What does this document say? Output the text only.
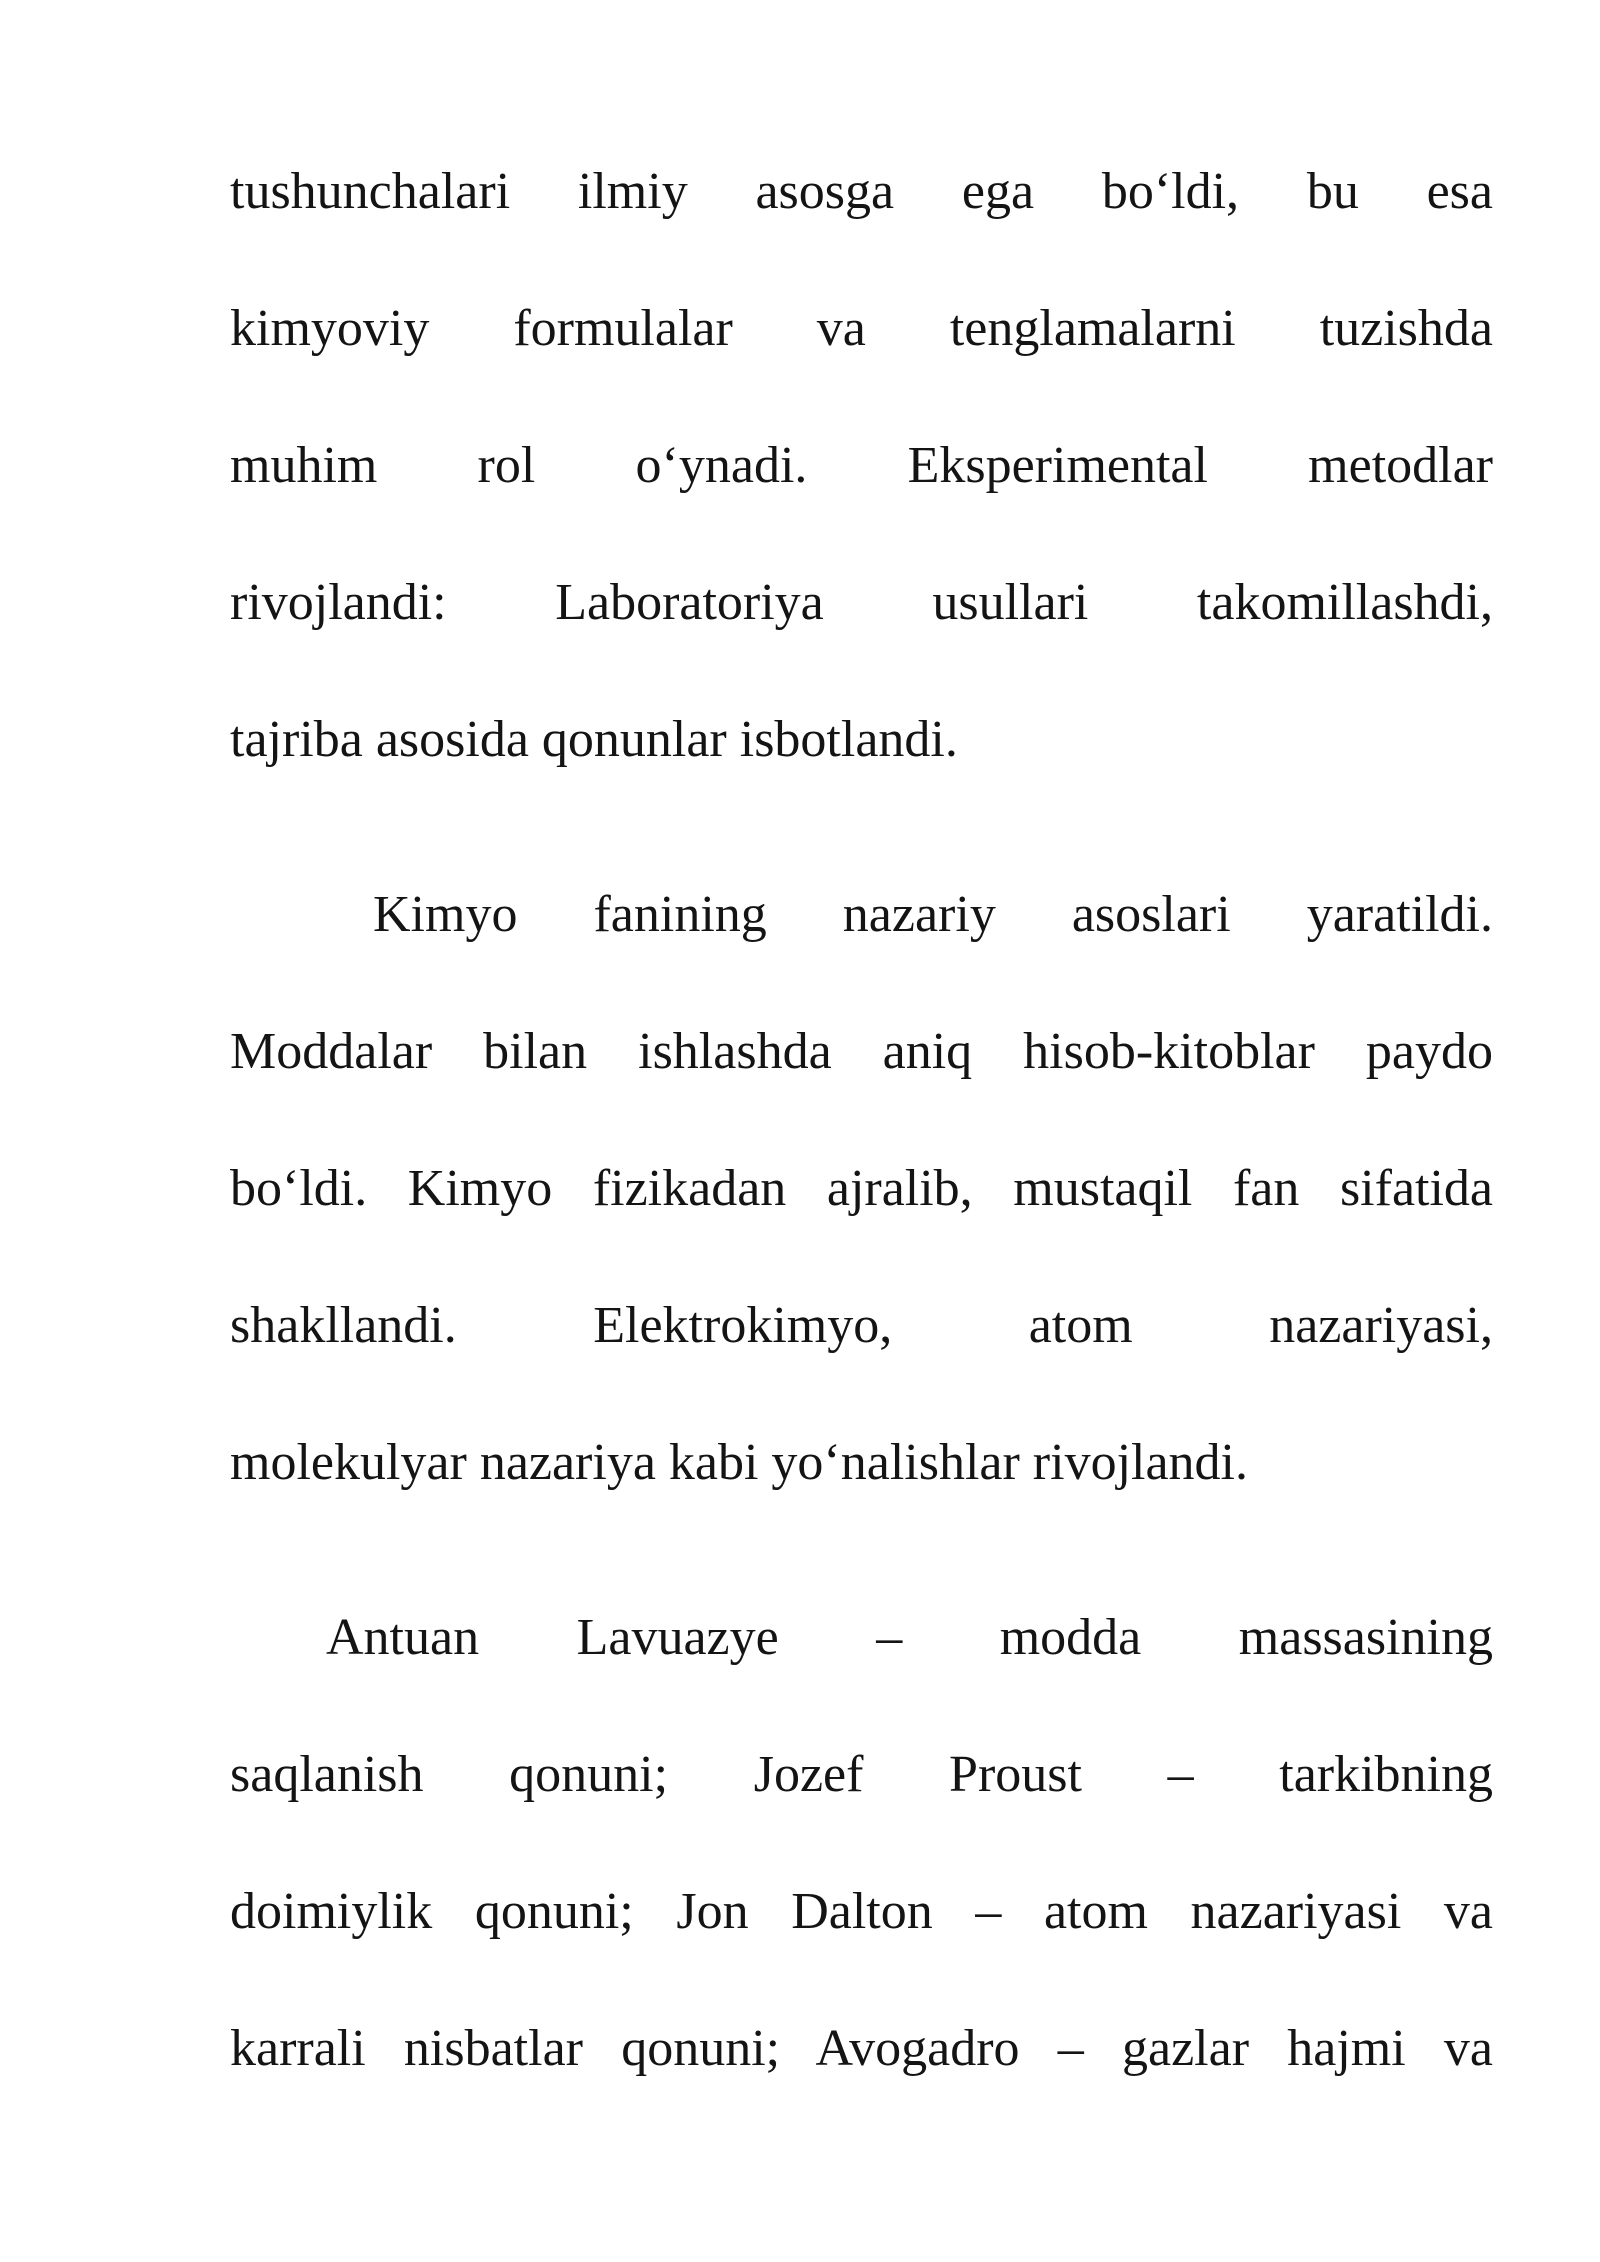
tushunchalari ilmiy asosga ega bo‘ldi, bu esa
kimyoviy formulalar va tenglamalarni tuzishda
muhim rol o‘ynadi. Eksperimental metodlar
rivojlandi: Laboratoriya usullari takomillashdi,
tajriba asosida qonunlar isbotlandi.
Kimyo fanining nazariy asoslari yaratildi.
Moddalar bilan ishlashda aniq hisob-kitoblar paydo
bo‘ldi. Kimyo fizikadan ajralib, mustaqil fan sifatida
shakllandi. Elektrokimyo, atom nazariyasi,
molekulyar nazariya kabi yo‘nalishlar rivojlandi.
Antuan Lavuazye – modda massasining
saqlanish qonuni; Jozef Proust – tarkibning
doimiylik qonuni; Jon Dalton – atom nazariyasi va
karrali nisbatlar qonuni; Avogadro – gazlar hajmi va
